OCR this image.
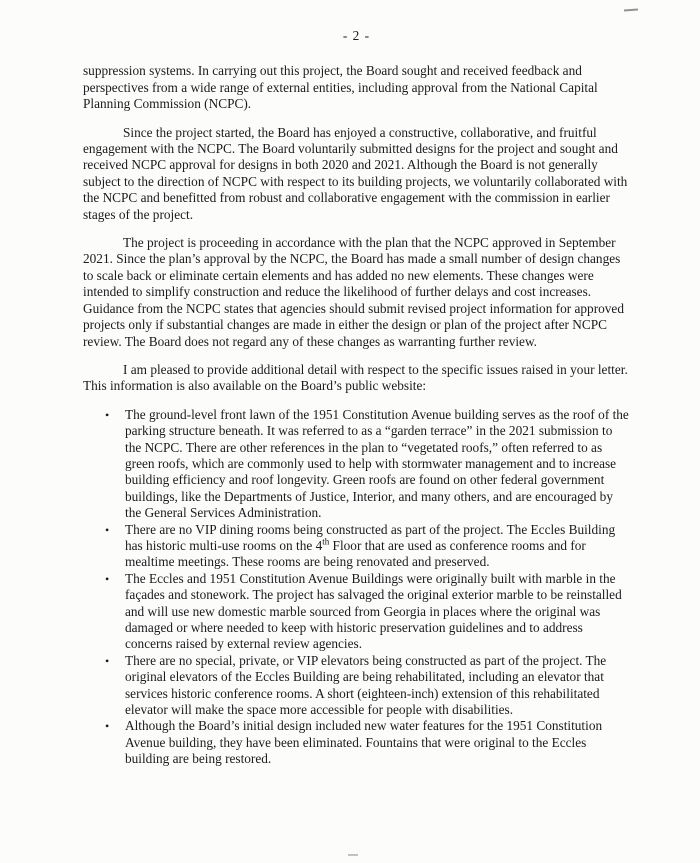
- 2 -

suppression systems. In carrying out this project, the Board sought and received feedback and perspectives from a wide range of external entities, including approval from the National Capital Planning Commission (NCPC).

Since the project started, the Board has enjoyed a constructive, collaborative, and fruitful engagement with the NCPC. The Board voluntarily submitted designs for the project and sought and received NCPC approval for designs in both 2020 and 2021. Although the Board is not generally subject to the direction of NCPC with respect to its building projects, we voluntarily collaborated with the NCPC and benefitted from robust and collaborative engagement with the commission in earlier stages of the project.

The project is proceeding in accordance with the plan that the NCPC approved in September 2021. Since the plan’s approval by the NCPC, the Board has made a small number of design changes to scale back or eliminate certain elements and has added no new elements. These changes were intended to simplify construction and reduce the likelihood of further delays and cost increases. Guidance from the NCPC states that agencies should submit revised project information for approved projects only if substantial changes are made in either the design or plan of the project after NCPC review. The Board does not regard any of these changes as warranting further review.

I am pleased to provide additional detail with respect to the specific issues raised in your letter. This information is also available on the Board’s public website:

•	The ground-level front lawn of the 1951 Constitution Avenue building serves as the roof of the parking structure beneath. It was referred to as a “garden terrace” in the 2021 submission to the NCPC. There are other references in the plan to “vegetated roofs,” often referred to as green roofs, which are commonly used to help with stormwater management and to increase building efficiency and roof longevity. Green roofs are found on other federal government buildings, like the Departments of Justice, Interior, and many others, and are encouraged by the General Services Administration.
•	There are no VIP dining rooms being constructed as part of the project. The Eccles Building has historic multi-use rooms on the 4th Floor that are used as conference rooms and for mealtime meetings. These rooms are being renovated and preserved.
•	The Eccles and 1951 Constitution Avenue Buildings were originally built with marble in the façades and stonework. The project has salvaged the original exterior marble to be reinstalled and will use new domestic marble sourced from Georgia in places where the original was damaged or where needed to keep with historic preservation guidelines and to address concerns raised by external review agencies.
•	There are no special, private, or VIP elevators being constructed as part of the project. The original elevators of the Eccles Building are being rehabilitated, including an elevator that services historic conference rooms. A short (eighteen-inch) extension of this rehabilitated elevator will make the space more accessible for people with disabilities.
•	Although the Board’s initial design included new water features for the 1951 Constitution Avenue building, they have been eliminated. Fountains that were original to the Eccles building are being restored.
